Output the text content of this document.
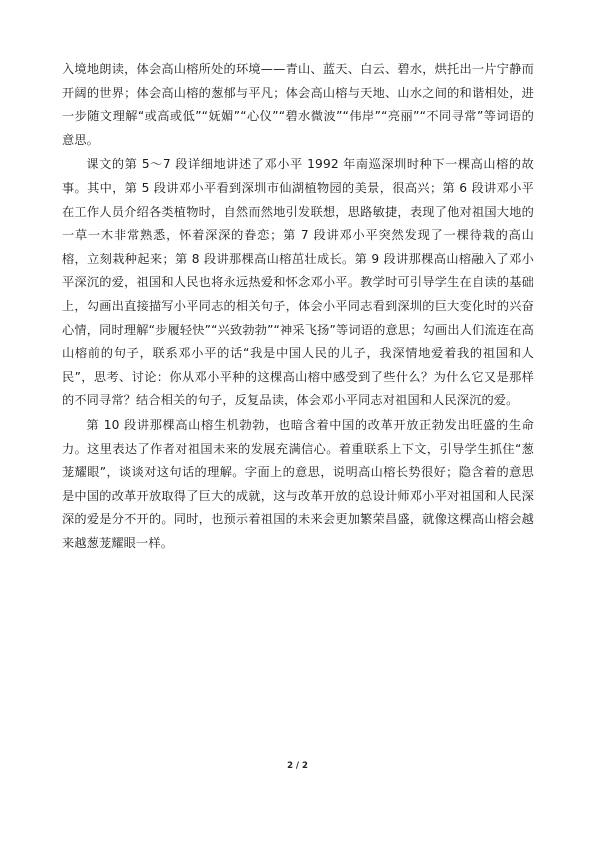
入境地朗读，体会高山榕所处的环境——青山、蓝天、白云、碧水，烘托出一片宁静而开阔的世界；体会高山榕的葱郁与平凡；体会高山榕与天地、山水之间的和谐相处，进一步随文理解“或高或低”“妩媚”“心仪”“碧水微波”“伟岸”“亮丽”“不同寻常”等词语的意思。

课文的第 5～7 段详细地讲述了邓小平 1992 年南巡深圳时种下一棵高山榕的故事。其中，第 5 段讲邓小平看到深圳市仙湖植物园的美景，很高兴；第 6 段讲邓小平在工作人员介绍各类植物时，自然而然地引发联想，思路敏捷，表现了他对祖国大地的一草一木非常熟悉，怀着深深的眷恋；第 7 段讲邓小平突然发现了一棵待栽的高山榕，立刻栽种起来；第 8 段讲那棵高山榕茁壮成长。第 9 段讲那棵高山榕融入了邓小平深沉的爱，祖国和人民也将永远热爱和怀念邓小平。教学时可引导学生在自读的基础上，勾画出直接描写小平同志的相关句子，体会小平同志看到深圳的巨大变化时的兴奋心情，同时理解“步履轻快”“兴致勃勃”“神采飞扬”等词语的意思；勾画出人们流连在高山榕前的句子，联系邓小平的话“我是中国人民的儿子，我深情地爱着我的祖国和人民”，思考、讨论：你从邓小平种的这棵高山榕中感受到了些什么？为什么它又是那样的不同寻常？结合相关的句子，反复品读，体会邓小平同志对祖国和人民深沉的爱。

第 10 段讲那棵高山榕生机勃勃，也暗含着中国的改革开放正勃发出旺盛的生命力。这里表达了作者对祖国未来的发展充满信心。着重联系上下文，引导学生抓住“葱茏耀眼”，谈谈对这句话的理解。字面上的意思，说明高山榕长势很好；隐含着的意思是中国的改革开放取得了巨大的成就，这与改革开放的总设计师邓小平对祖国和人民深深的爱是分不开的。同时，也预示着祖国的未来会更加繁荣昌盛，就像这棵高山榕会越来越葱茏耀眼一样。

2 / 2
